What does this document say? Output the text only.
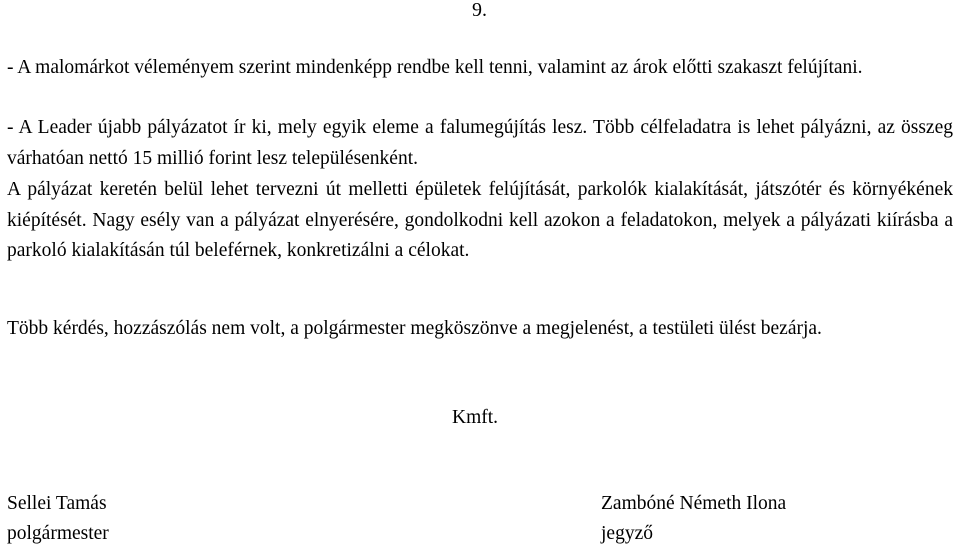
9.

- A malomárkot véleményem szerint mindenképp rendbe kell tenni, valamint az árok előtti szakaszt felújítani.

- A Leader újabb pályázatot ír ki, mely egyik eleme a falumegújítás lesz. Több célfeladatra is lehet pályázni, az összeg várhatóan nettó 15 millió forint lesz településenként.

A pályázat keretén belül lehet tervezni út melletti épületek felújítását, parkolók kialakítását, játszótér és környékének kiépítését. Nagy esély van a pályázat elnyerésére, gondolkodni kell azokon a feladatokon, melyek a pályázati kiírásba a parkoló kialakításán túl beleférnek, konkretizálni a célokat.

Több kérdés, hozzászólás nem volt, a polgármester megköszönve a megjelenést, a testületi ülést bezárja.

Kmft.
Sellei Tamás
polgármester
Zambóné Németh Ilona
jegyző
